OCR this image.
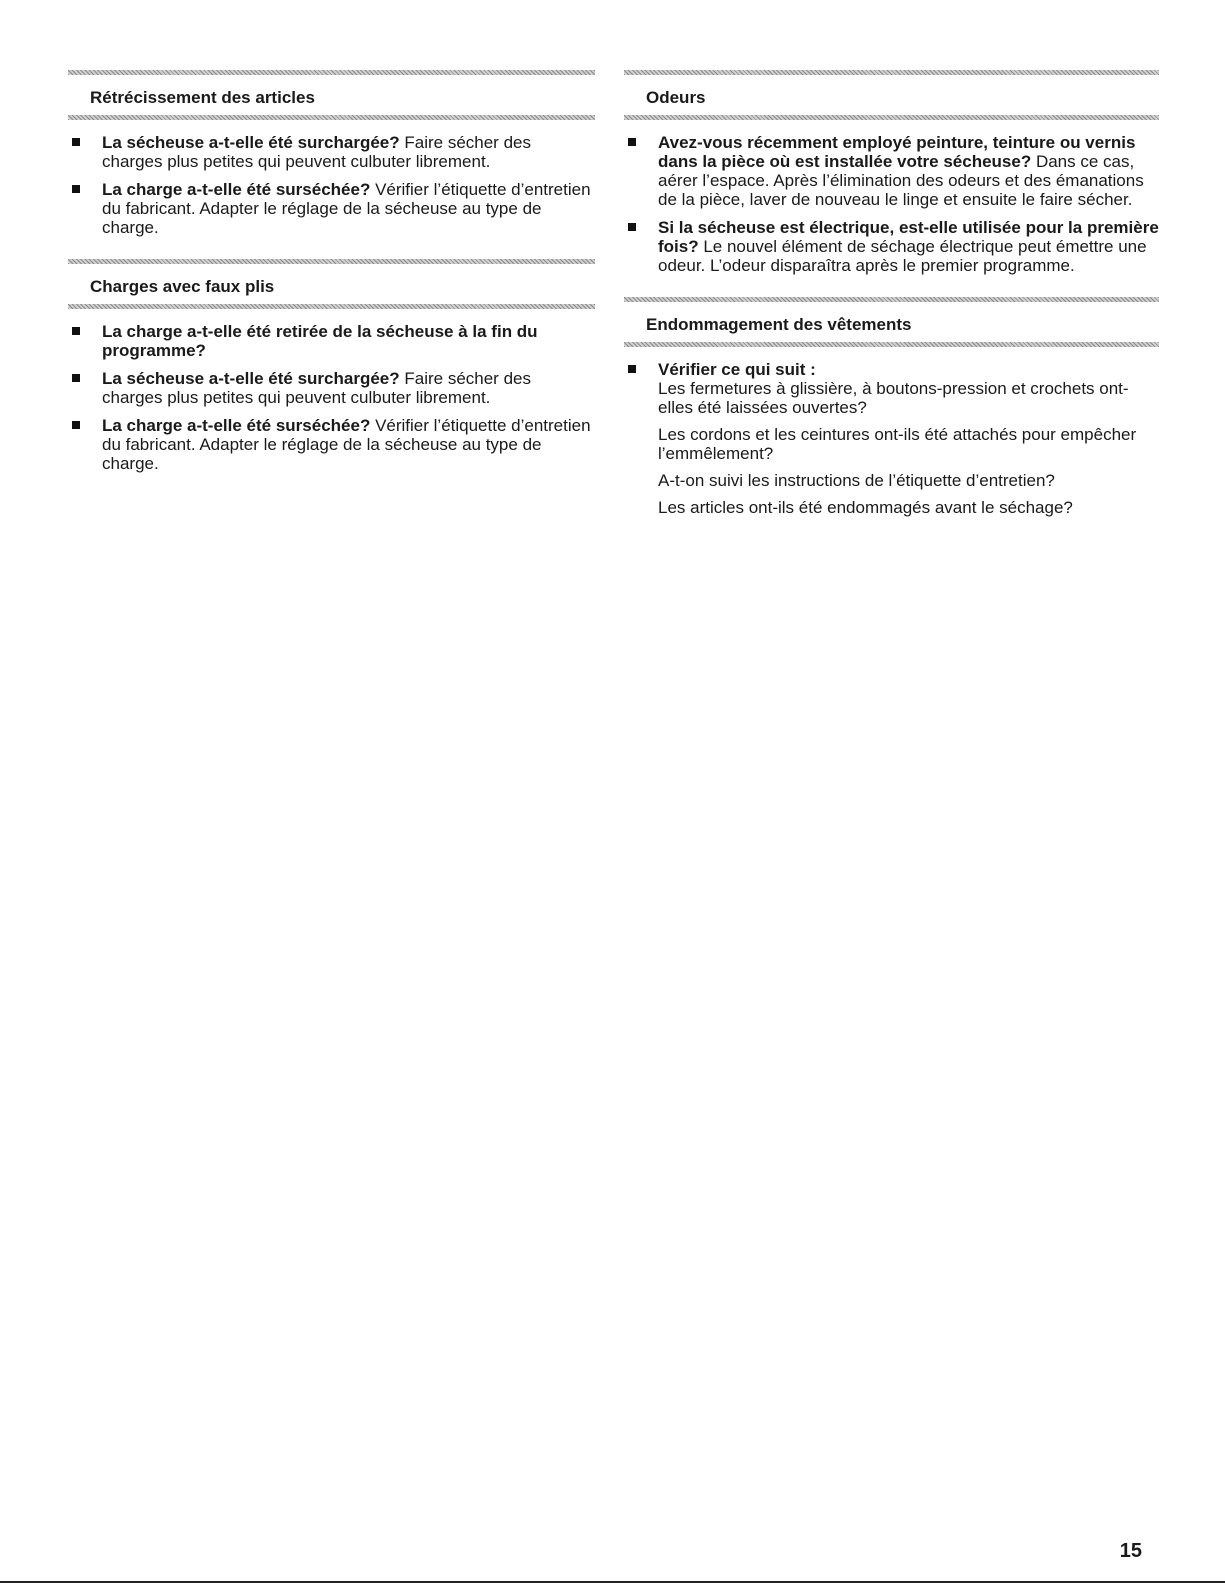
Rétrécissement des articles
La sécheuse a-t-elle été surchargée? Faire sécher des charges plus petites qui peuvent culbuter librement.
La charge a-t-elle été surséchée? Vérifier l’étiquette d’entretien du fabricant. Adapter le réglage de la sécheuse au type de charge.
Charges avec faux plis
La charge a-t-elle été retirée de la sécheuse à la fin du programme?
La sécheuse a-t-elle été surchargée? Faire sécher des charges plus petites qui peuvent culbuter librement.
La charge a-t-elle été surséchée? Vérifier l’étiquette d’entretien du fabricant. Adapter le réglage de la sécheuse au type de charge.
Odeurs
Avez-vous récemment employé peinture, teinture ou vernis dans la pièce où est installée votre sécheuse? Dans ce cas, aérer l’espace. Après l’élimination des odeurs et des émanations de la pièce, laver de nouveau le linge et ensuite le faire sécher.
Si la sécheuse est électrique, est-elle utilisée pour la première fois? Le nouvel élément de séchage électrique peut émettre une odeur. L’odeur disparaîtra après le premier programme.
Endommagement des vêtements
Vérifier ce qui suit :
Les fermetures à glissière, à boutons-pression et crochets ont-elles été laissées ouvertes?

Les cordons et les ceintures ont-ils été attachés pour empêcher l’emmêlement?

A-t-on suivi les instructions de l’étiquette d’entretien?

Les articles ont-ils été endommagés avant le séchage?

15
